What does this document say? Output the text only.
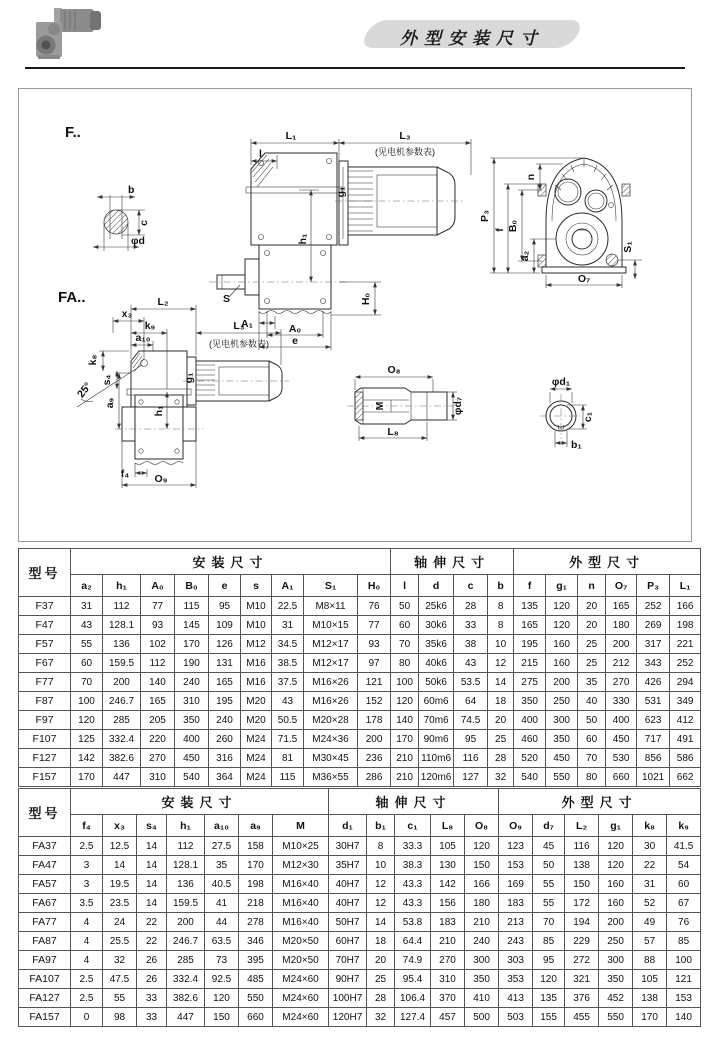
外型安装尺寸
F..
FA..
b
c
φd
L₁	L₃
(见电机参数表)
l
h₁
S
A₁	A₀
e
H₀
g₁
P₃
f B₀
a₂
n
S₁
O₇
L₂
x₃
k₉
a₁₀
L₃
(见电机参数表)
h₁
a₉
k₈
s₄
25°
g₁
f₄ O₉
M
O₈
L₈
φd₇
φd₁
c₁
b₁
型号	安装尺寸									轴伸尺寸				外型尺寸					
	a₂	h₁	A₀	B₀	e	s	A₁	S₁	H₀	l	d	c	b	f	g₁	n	O₇	P₃	L₁
F37	31	112	77	115	95	M10	22.5	M8×11	76	50	25k6	28	8	135	120	20	165	252	166
F47	43	128.1	93	145	109	M10	31	M10×15	77	60	30k6	33	8	165	120	20	180	269	198
F57	55	136	102	170	126	M12	34.5	M12×17	93	70	35k6	38	10	195	160	25	200	317	221
F67	60	159.5	112	190	131	M16	38.5	M12×17	97	80	40k6	43	12	215	160	25	212	343	252
F77	70	200	140	240	165	M16	37.5	M16×26	121	100	50k6	53.5	14	275	200	35	270	426	294
F87	100	246.7	165	310	195	M20	43	M16×26	152	120	60m6	64	18	350	250	40	330	531	349
F97	120	285	205	350	240	M20	50.5	M20×28	178	140	70m6	74.5	20	400	300	50	400	623	412
F107	125	332.4	220	400	260	M24	71.5	M24×36	200	170	90m6	95	25	460	350	60	450	717	491
F127	142	382.6	270	450	316	M24	81	M30×45	236	210	110m6	116	28	520	450	70	530	856	586
F157	170	447	310	540	364	M24	115	M36×55	286	210	120m6	127	32	540	550	80	660	1021	662
型号	安装尺寸							轴伸尺寸					外型尺寸					
	f₄	x₃	s₄	h₁	a₁₀	a₉	M	d₁	b₁	c₁	L₈	O₈	O₉	d₇	L₂	g₁	k₈	k₉
FA37	2.5	12.5	14	112	27.5	158	M10×25	30H7	8	33.3	105	120	123	45	116	120	30	41.5
FA47	3	14	14	128.1	35	170	M12×30	35H7	10	38.3	130	150	153	50	138	120	22	54
FA57	3	19.5	14	136	40.5	198	M16×40	40H7	12	43.3	142	166	169	55	150	160	31	60
FA67	3.5	23.5	14	159.5	41	218	M16×40	40H7	12	43.3	156	180	183	55	172	160	52	67
FA77	4	24	22	200	44	278	M16×40	50H7	14	53.8	183	210	213	70	194	200	49	76
FA87	4	25.5	22	246.7	63.5	346	M20×50	60H7	18	64.4	210	240	243	85	229	250	57	85
FA97	4	32	26	285	73	395	M20×50	70H7	20	74.9	270	300	303	95	272	300	88	100
FA107	2.5	47.5	26	332.4	92.5	485	M24×60	90H7	25	95.4	310	350	353	120	321	350	105	121
FA127	2.5	55	33	382.6	120	550	M24×60	100H7	28	106.4	370	410	413	135	376	452	138	153
FA157	0	98	33	447	150	660	M24×60	120H7	32	127.4	457	500	503	155	455	550	170	140
